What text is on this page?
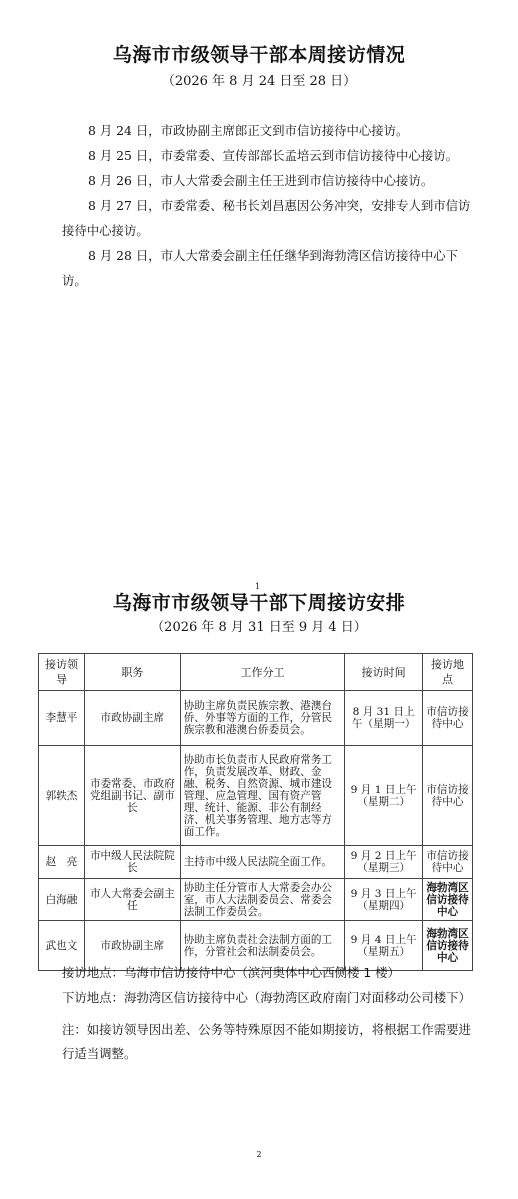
乌海市市级领导干部本周接访情况
（2026 年 8 月 24 日至 28 日）

8 月 24 日，市政协副主席郎正文到市信访接待中心接访。

8 月 25 日，市委常委、宣传部部长孟培云到市信访接待中心接访。

8 月 26 日，市人大常委会副主任王进到市信访接待中心接访。

8 月 27 日，市委常委、秘书长刘昌惠因公务冲突，安排专人到市信访接待中心接访。

8 月 28 日，市人大常委会副主任任继华到海勃湾区信访接待中心下访。

1
乌海市市级领导干部下周接访安排
（2026 年 8 月 31 日至 9 月 4 日）
接访领导	职务	工作分工	接访时间	接访地点
李慧平	市政协副主席	协助主席负责民族宗教、港澳台侨、外事等方面的工作，分管民族宗教和港澳台侨委员会。	8 月 31 日上午（星期一）	市信访接待中心
郭轶杰	市委常委、市政府党组副书记、副市长	协助市长负责市人民政府常务工作，负责发展改革、财政、金融、税务、自然资源、城市建设管理、应急管理、国有资产管理、统计、能源、非公有制经济、机关事务管理、地方志等方面工作。	9 月 1 日上午（星期二）	市信访接待中心
赵　亮	市中级人民法院院长	主持市中级人民法院全面工作。	9 月 2 日上午（星期三）	市信访接待中心
白海融	市人大常委会副主任	协助主任分管市人大常委会办公室，市人大法制委员会、常委会法制工作委员会。	9 月 3 日上午（星期四）	海勃湾区信访接待中心
武也文	市政协副主席	协助主席负责社会法制方面的工作，分管社会和法制委员会。	9 月 4 日上午（星期五）	海勃湾区信访接待中心

接访地点：乌海市信访接待中心（滨河奥体中心西侧楼 1 楼）

下访地点：海勃湾区信访接待中心（海勃湾区政府南门对面移动公司楼下）

注：如接访领导因出差、公务等特殊原因不能如期接访，将根据工作需要进行适当调整。

2
